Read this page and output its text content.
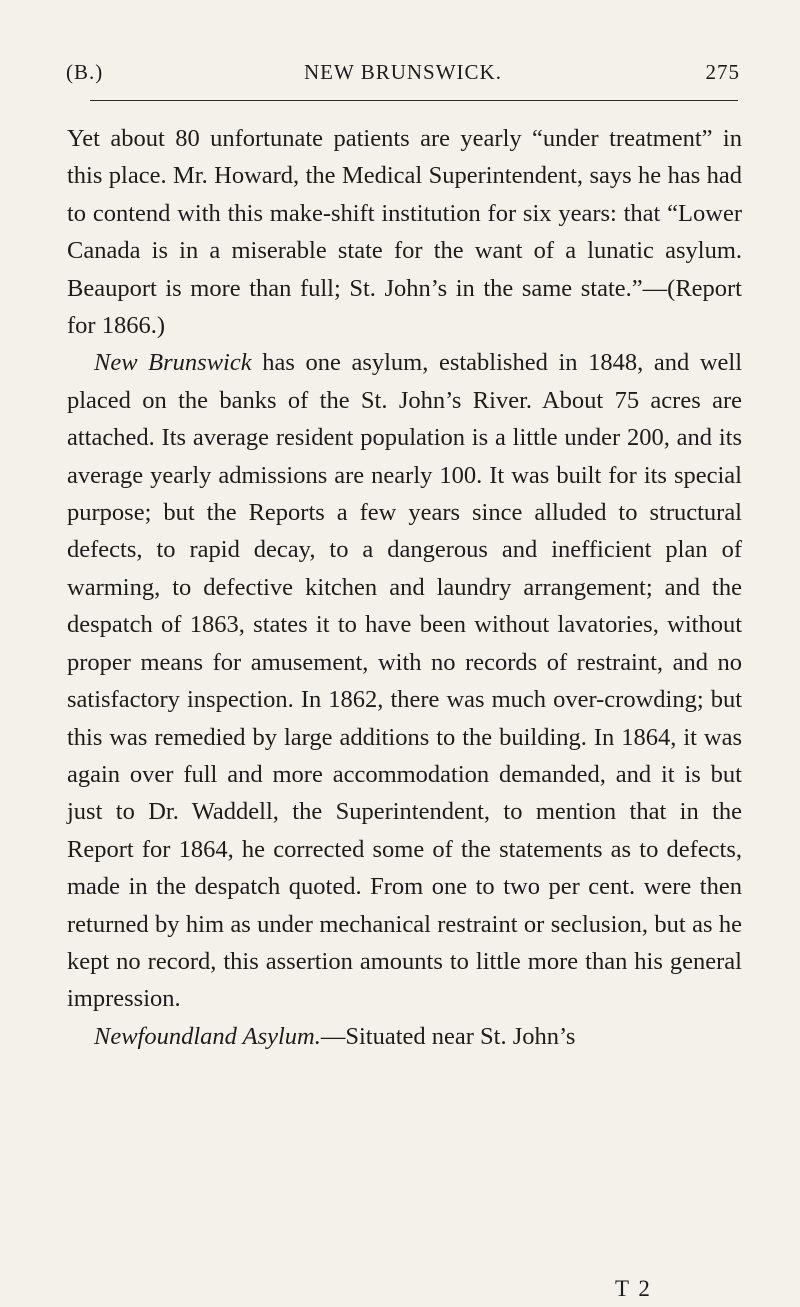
(B.)	NEW BRUNSWICK.	275

Yet about 80 unfortunate patients are yearly “under treatment” in this place. Mr. Howard, the Medical Superintendent, says he has had to contend with this make-shift institution for six years: that “Lower Canada is in a miserable state for the want of a lunatic asylum. Beauport is more than full; St. John’s in the same state.”—(Report for 1866.)

New Brunswick has one asylum, established in 1848, and well placed on the banks of the St. John’s River. About 75 acres are attached. Its average resident population is a little under 200, and its average yearly admissions are nearly 100. It was built for its special purpose; but the Reports a few years since alluded to structural defects, to rapid decay, to a dangerous and inefficient plan of warming, to defective kitchen and laundry arrangement; and the despatch of 1863, states it to have been without lavatories, without proper means for amusement, with no records of restraint, and no satisfactory inspection. In 1862, there was much over-crowding; but this was remedied by large additions to the building. In 1864, it was again over full and more accommodation demanded, and it is but just to Dr. Waddell, the Superintendent, to mention that in the Report for 1864, he corrected some of the statements as to defects, made in the despatch quoted. From one to two per cent. were then returned by him as under mechanical restraint or seclusion, but as he kept no record, this assertion amounts to little more than his general impression.

Newfoundland Asylum.—Situated near St. John’s

T 2
